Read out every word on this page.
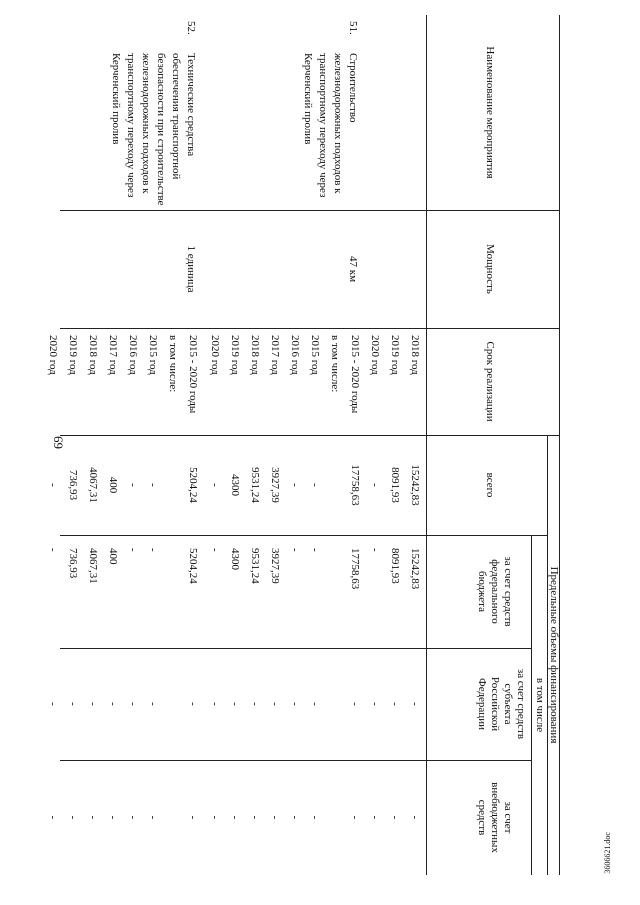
69
3606621.doc
Наименование мероприятия
Мощность
Срок реализации
Предельные объемы финансирования
всего
в том числе
за счет средств
федерального
бюджета
за счет средств
субъекта
Российской
Федерации
за счет
внебюджетных
средств
2018 год
15242,83
15242,83
-
-
2019 год
8091,93
8091,93
-
-
2020 год
-
-
-
-
51.
Строительство
железнодорожных подходов к
транспортному переходу через
Керченский пролив
47 км
2015 - 2020 годы
17758,63
17758,63
-
-
в том числе:
2015 год
-
-
-
-
2016 год
-
-
-
-
2017 год
3927,39
3927,39
-
-
2018 год
9531,24
9531,24
-
-
2019 год
4300
4300
-
-
2020 год
-
-
-
-
52.
Технические средства
обеспечения транспортной
безопасности при строительстве
железнодорожных подходов к
транспортному переходу через
Керченский пролив
1 единица
2015 - 2020 годы
5204,24
5204,24
-
-
в том числе:
2015 год
-
-
-
-
2016 год
-
-
-
-
2017 год
400
400
-
-
2018 год
4067,31
4067,31
-
-
2019 год
736,93
736,93
-
-
2020 год
-
-
-
-
